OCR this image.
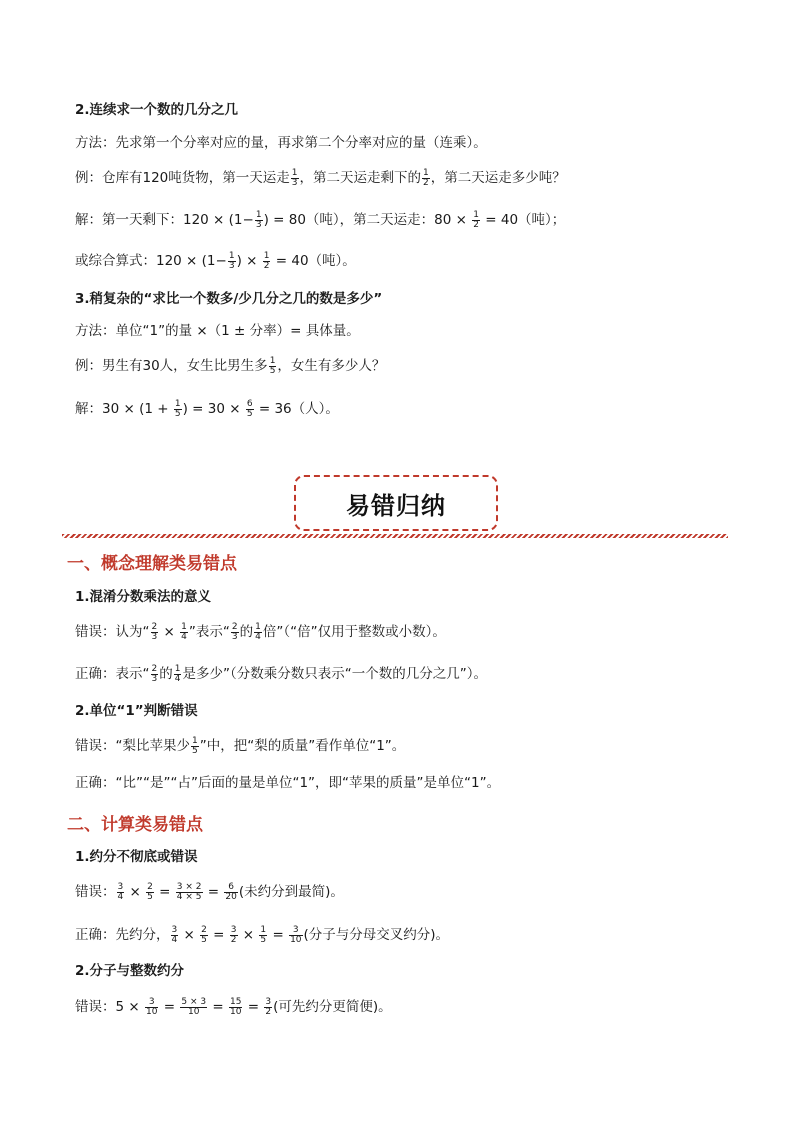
2.连续求一个数的几分之几
方法：先求第一个分率对应的量，再求第二个分率对应的量（连乘）。
例：仓库有120吨货物，第一天运走 $\frac{1}{3}$ ，第二天运走剩下的 $\frac{1}{2}$ ，第二天运走多少吨？
解：第一天剩下：$120 \times (1- \frac{1}{3}$ ) = 80（吨），第二天运走：$80 \times \frac{1}{2} = 40$（吨）；
或综合算式：$120 \times (1- \frac{1}{3}$ ) × $\frac{1}{2} = 40$（吨）。
3.稍复杂的“求比一个数多/少几分之几的数是多少”
方法：单位“1”的量 ×（1 ± 分率）= 具体量。
例：男生有30人，女生比男生多 $\frac{1}{5}$ ，女生有多少人？
解：$30 \times (1 + \frac{1}{5}$ ) = $30 \times \frac{6}{5} = 36$（人）。
易错归纳
一、概念理解类易错点
1.混淆分数乘法的意义
错误：认为“ $\frac{2}{3} \times \frac{1}{4}$ ”表示“ $\frac{2}{3}$ 的 $\frac{1}{4}$ 倍”（“倍”仅用于整数或小数）。
正确：表示“ $\frac{2}{3}$ 的 $\frac{1}{4}$ 是多少”（分数乘分数只表示“一个数的几分之几”）。
2.单位“1”判断错误
错误：“梨比苹果少 $\frac{1}{5}$ ”中，把“梨的质量”看作单位“1”。
正确：“比”“是”“占”后面的量是单位“1”，即“苹果的质量”是单位“1”。
二、计算类易错点
1.约分不彻底或错误
错误： $\frac{3}{4} \times \frac{2}{5} = \frac{3 \times 2}{4 \times 5} = \frac{6}{20}$ (未约分到最简)。
正确：先约分， $\frac{3}{4} \times \frac{2}{5} = \frac{3}{2} \times \frac{1}{5} = \frac{3}{10}$ (分子与分母交叉约分)。
2.分子与整数约分
错误：$5 \times \frac{3}{10} = \frac{5 \times 3}{10} = \frac{15}{10} = \frac{3}{2}$ (可先约分更简便)。
